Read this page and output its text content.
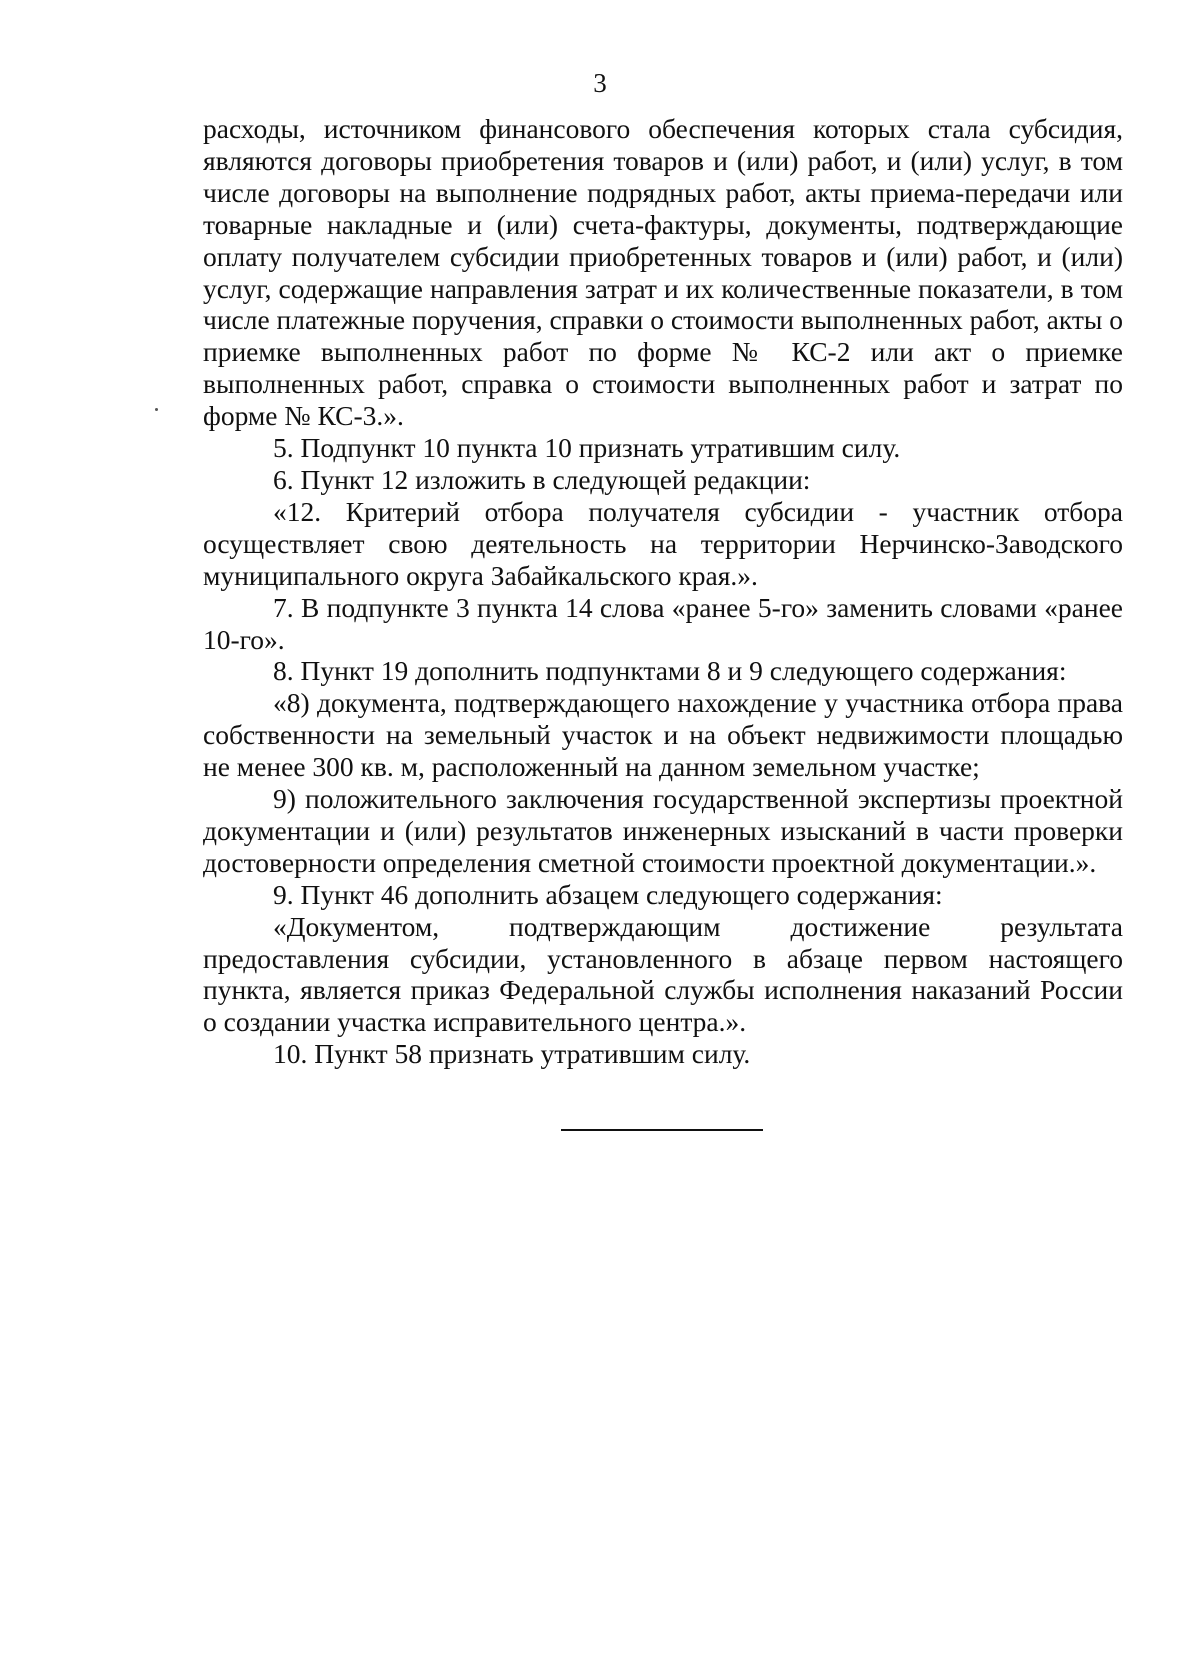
3

расходы, источником финансового обеспечения которых стала субсидия, являются договоры приобретения товаров и (или) работ, и (или) услуг, в том числе договоры на выполнение подрядных работ, акты приема-передачи или товарные накладные и (или) счета-фактуры, документы, подтверждающие оплату получателем субсидии приобретенных товаров и (или) работ, и (или) услуг, содержащие направления затрат и их количественные показатели, в том числе платежные поручения, справки о стоимости выполненных работ, акты о приемке выполненных работ по форме № КС-2 или акт о приемке выполненных работ, справка о стоимости выполненных работ и затрат по форме № КС-3.».

5. Подпункт 10 пункта 10 признать утратившим силу.

6. Пункт 12 изложить в следующей редакции:

«12. Критерий отбора получателя субсидии - участник отбора осуществляет свою деятельность на территории Нерчинско-Заводского муниципального округа Забайкальского края.».

7. В подпункте 3 пункта 14 слова «ранее 5-го» заменить словами «ранее 10-го».

8. Пункт 19 дополнить подпунктами 8 и 9 следующего содержания:

«8) документа, подтверждающего нахождение у участника отбора права собственности на земельный участок и на объект недвижимости площадью не менее 300 кв. м, расположенный на данном земельном участке;

9) положительного заключения государственной экспертизы проектной документации и (или) результатов инженерных изысканий в части проверки достоверности определения сметной стоимости проектной документации.».

9. Пункт 46 дополнить абзацем следующего содержания:

«Документом, подтверждающим достижение результата предоставления субсидии, установленного в абзаце первом настоящего пункта, является приказ Федеральной службы исполнения наказаний России о создании участка исправительного центра.».

10. Пункт 58 признать утратившим силу.
